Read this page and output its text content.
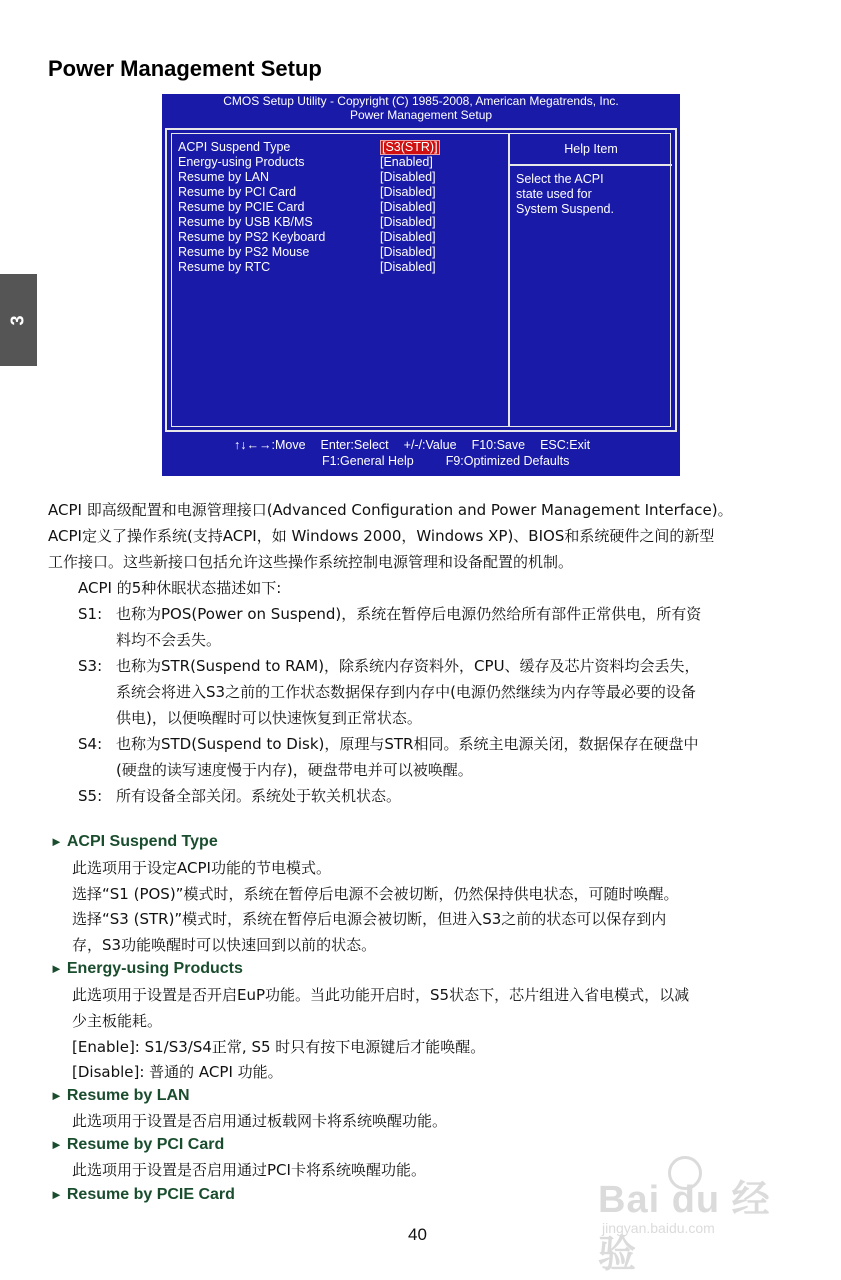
3
Power Management Setup
CMOS Setup Utility - Copyright (C) 1985-2008, American Megatrends, Inc.
Power Management Setup
Help Item
Select the ACPI
state used for
System Suspend.
ACPI Suspend Type	[S3(STR)]
Energy-using Products	[Enabled]
Resume by LAN	[Disabled]
Resume by PCI Card	[Disabled]
Resume by PCIE Card	[Disabled]
Resume by USB KB/MS	[Disabled]
Resume by PS2 Keyboard	[Disabled]
Resume by PS2 Mouse	[Disabled]
Resume by RTC	[Disabled]
↑↓←→:Move Enter:Select +/-/:Value F10:Save ESC:Exit
F1:General Help	F9:Optimized Defaults
ACPI 即高级配置和电源管理接口(Advanced Configuration and Power Management Interface)。
ACPI定义了操作系统(支持ACPI，如 Windows 2000，Windows XP)、BIOS和系统硬件之间的新型
工作接口。这些新接口包括允许这些操作系统控制电源管理和设备配置的机制。
ACPI 的5种休眠状态描述如下:
S1: 也称为POS(Power on Suspend)，系统在暂停后电源仍然给所有部件正常供电，所有资
料均不会丢失。
S3: 也称为STR(Suspend to RAM)，除系统内存资料外，CPU、缓存及芯片资料均会丢失，
系统会将进入S3之前的工作状态数据保存到内存中(电源仍然继续为内存等最必要的设备
供电)，以便唤醒时可以快速恢复到正常状态。
S4: 也称为STD(Suspend to Disk)，原理与STR相同。系统主电源关闭，数据保存在硬盘中
(硬盘的读写速度慢于内存)，硬盘带电并可以被唤醒。
S5: 所有设备全部关闭。系统处于软关机状态。
► ACPI Suspend Type
此选项用于设定ACPI功能的节电模式。
选择“S1 (POS)”模式时，系统在暂停后电源不会被切断，仍然保持供电状态，可随时唤醒。
选择“S3 (STR)”模式时，系统在暂停后电源会被切断，但进入S3之前的状态可以保存到内
存，S3功能唤醒时可以快速回到以前的状态。
► Energy-using Products
此选项用于设置是否开启EuP功能。当此功能开启时，S5状态下，芯片组进入省电模式，以减
少主板能耗。
[Enable]: S1/S3/S4正常, S5 时只有按下电源键后才能唤醒。
[Disable]: 普通的 ACPI 功能。
► Resume by LAN
此选项用于设置是否启用通过板载网卡将系统唤醒功能。
► Resume by PCI Card
此选项用于设置是否启用通过PCI卡将系统唤醒功能。
► Resume by PCIE Card
40
Bai du 经验
jingyan.baidu.com
